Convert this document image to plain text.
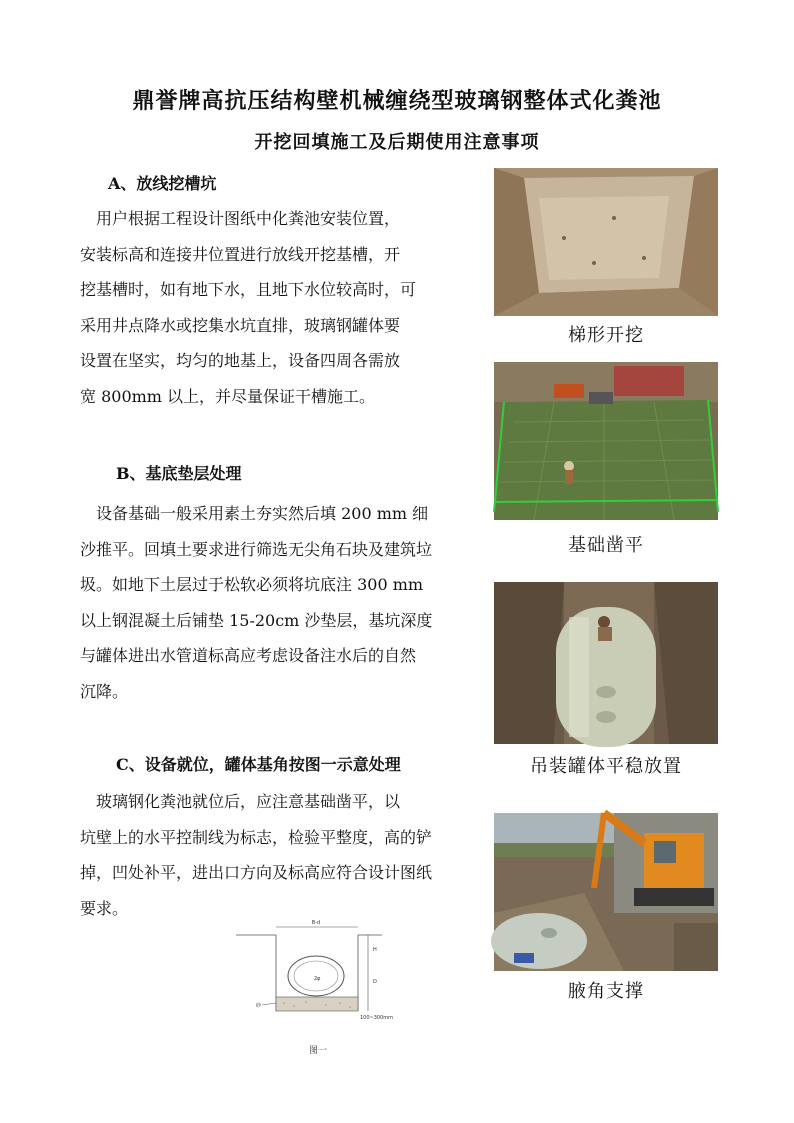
鼎誉牌高抗压结构壁机械缠绕型玻璃钢整体式化粪池
开挖回填施工及后期使用注意事项
A、放线挖槽坑
　用户根据工程设计图纸中化粪池安装位置，
安装标高和连接井位置进行放线开挖基槽，开
挖基槽时，如有地下水，且地下水位较高时，可
采用井点降水或挖集水坑直排，玻璃钢罐体要
设置在坚实，均匀的地基上，设备四周各需放
宽 800mm 以上，并尽量保证干槽施工。
B、基底垫层处理
　设备基础一般采用素土夯实然后填 200 mm 细
沙推平。回填土要求进行筛选无尖角石块及建筑垃
圾。如地下土层过于松软必须将坑底注 300 mm
以上钢混凝土后铺垫 15-20cm 沙垫层，基坑深度
与罐体进出水管道标高应考虑设备注水后的自然
沉降。
C、设备就位，罐体基角按图一示意处理
　玻璃钢化粪池就位后，应注意基础凿平，以
坑壁上的水平控制线为标志，检验平整度，高的铲
掉，凹处补平，进出口方向及标高应符合设计图纸
要求。
梯形开挖
基础凿平
吊装罐体平稳放置
腋角支撑
B-d
H
D
2φ
砂
100~300mm
图一
